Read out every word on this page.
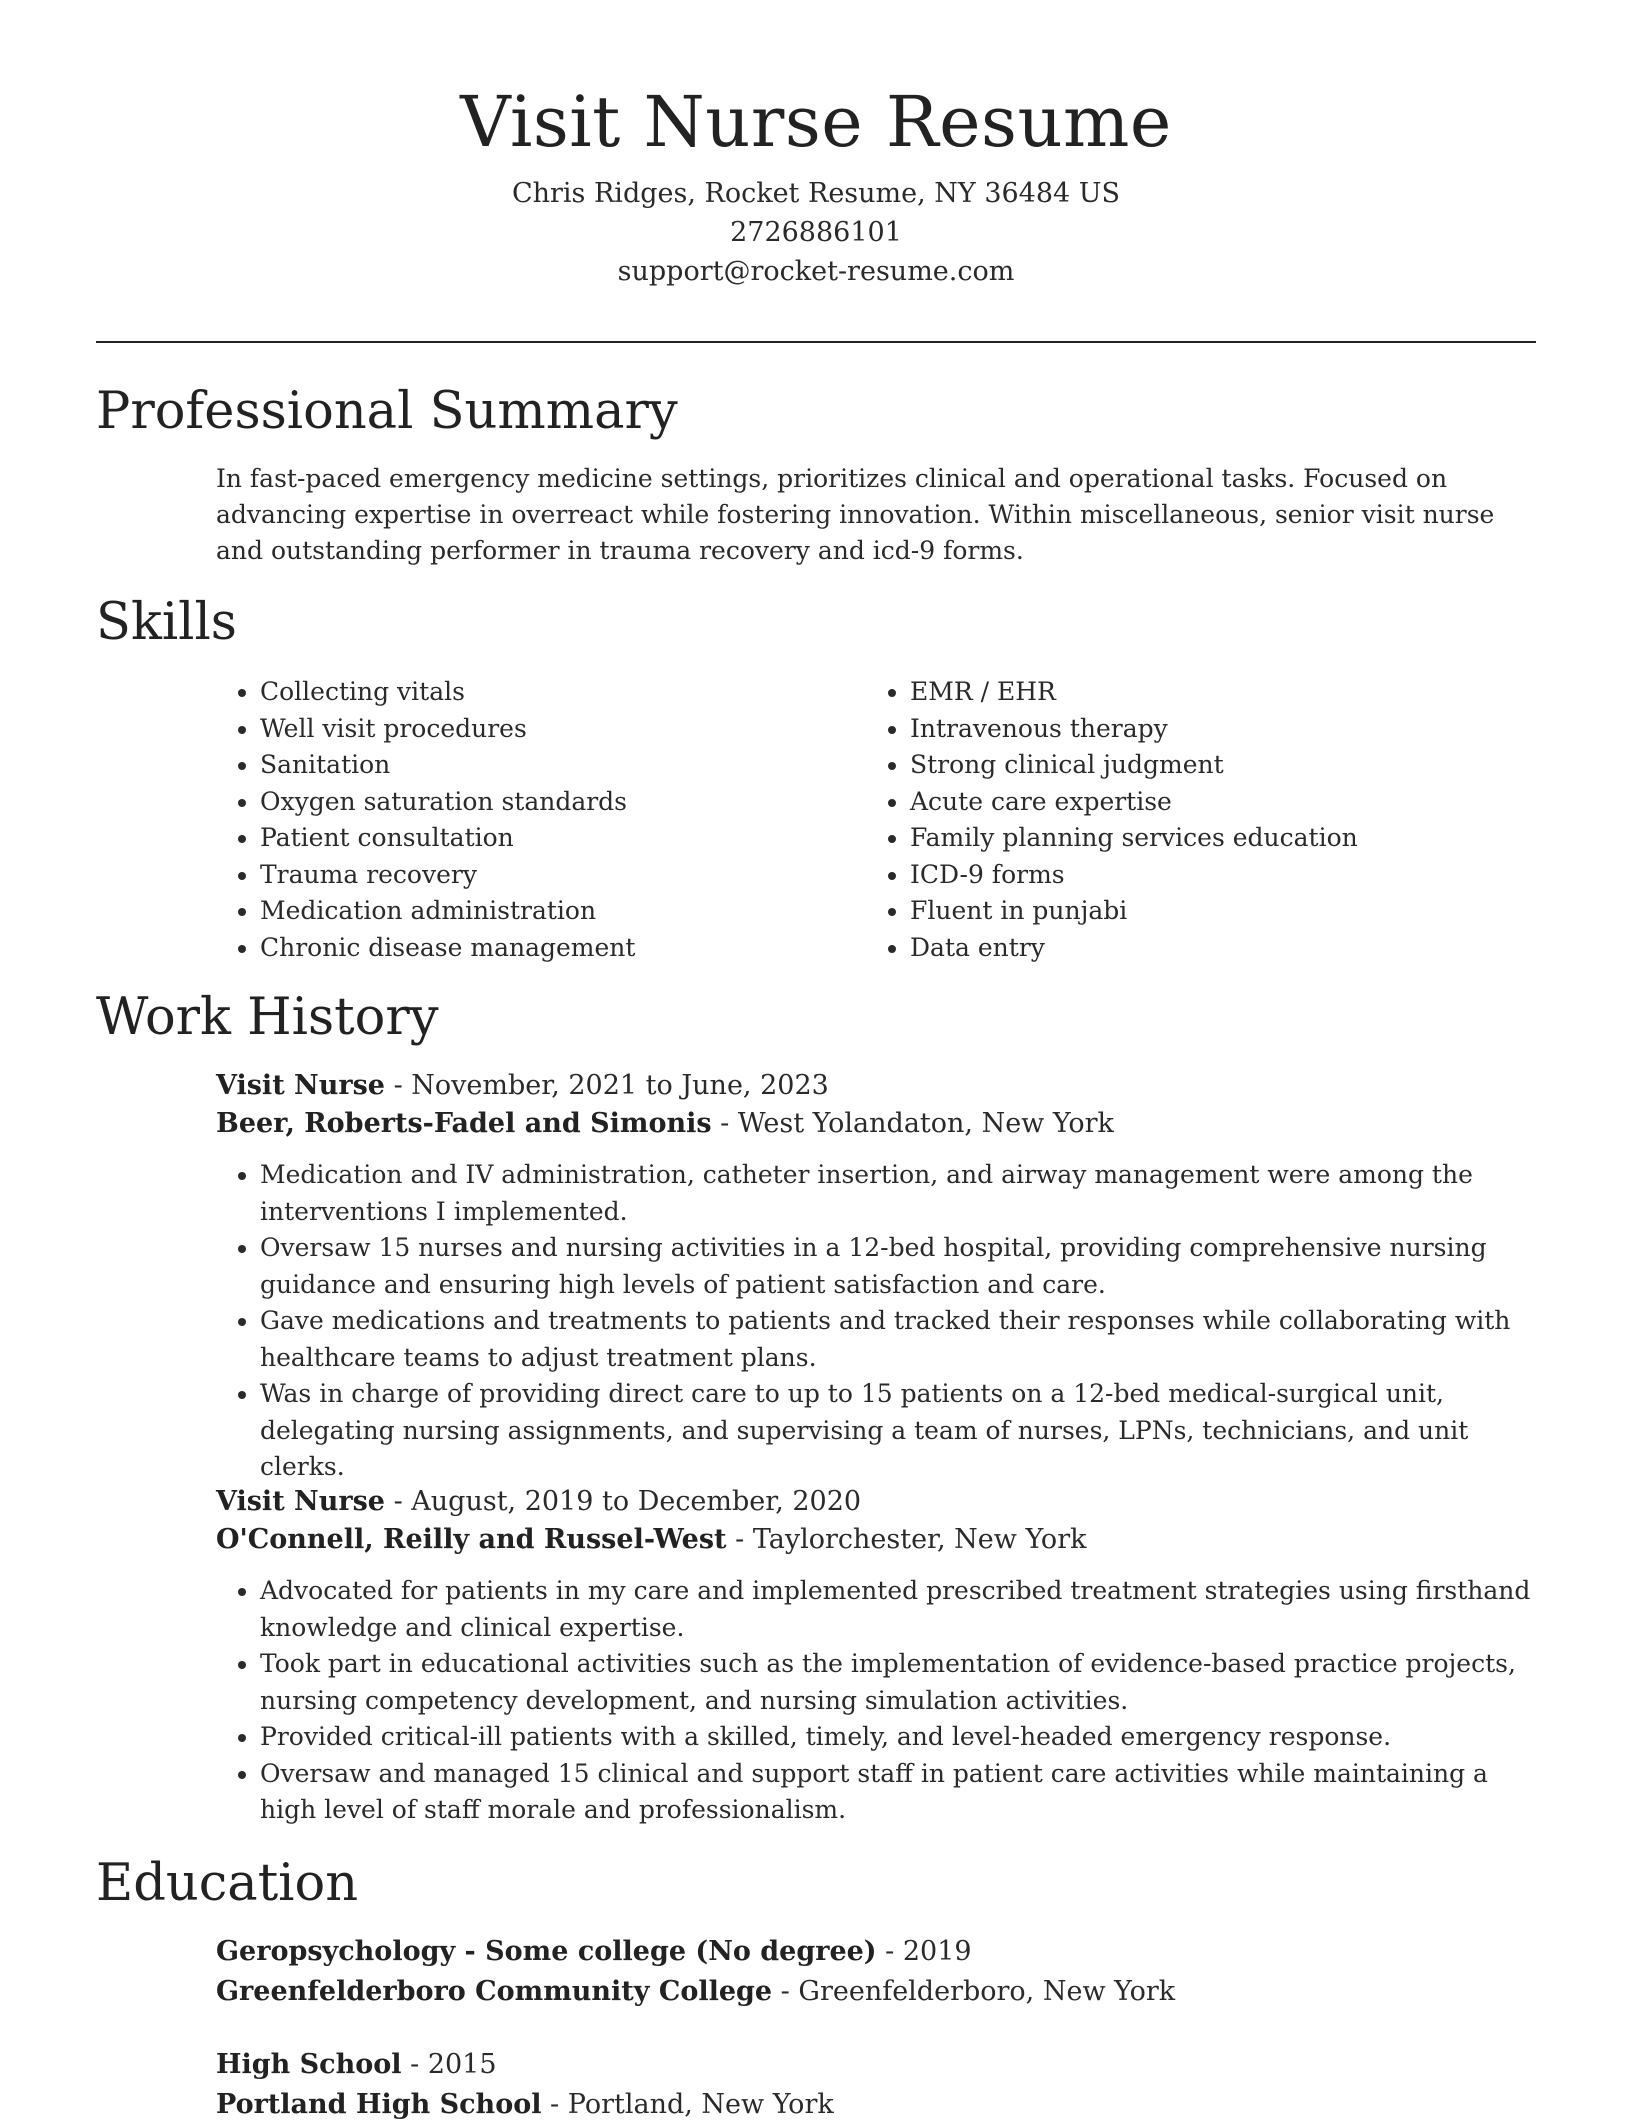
Visit Nurse Resume
Chris Ridges, Rocket Resume, NY 36484 US
2726886101
support@rocket-resume.com
Professional Summary

In fast-paced emergency medicine settings, prioritizes clinical and operational tasks. Focused on advancing expertise in overreact while fostering innovation. Within miscellaneous, senior visit nurse and outstanding performer in trauma recovery and icd-9 forms.

Skills
• Collecting vitals
• Well visit procedures
• Sanitation
• Oxygen saturation standards
• Patient consultation
• Trauma recovery
• Medication administration
• Chronic disease management
• EMR / EHR
• Intravenous therapy
• Strong clinical judgment
• Acute care expertise
• Family planning services education
• ICD-9 forms
• Fluent in punjabi
• Data entry
Work History
Visit Nurse - November, 2021 to June, 2023
Beer, Roberts-Fadel and Simonis - West Yolandaton, New York
• Medication and IV administration, catheter insertion, and airway management were among the interventions I implemented.
• Oversaw 15 nurses and nursing activities in a 12-bed hospital, providing comprehensive nursing guidance and ensuring high levels of patient satisfaction and care.
• Gave medications and treatments to patients and tracked their responses while collaborating with healthcare teams to adjust treatment plans.
• Was in charge of providing direct care to up to 15 patients on a 12-bed medical-surgical unit, delegating nursing assignments, and supervising a team of nurses, LPNs, technicians, and unit clerks.
Visit Nurse - August, 2019 to December, 2020
O'Connell, Reilly and Russel-West - Taylorchester, New York
• Advocated for patients in my care and implemented prescribed treatment strategies using firsthand knowledge and clinical expertise.
• Took part in educational activities such as the implementation of evidence-based practice projects, nursing competency development, and nursing simulation activities.
• Provided critical-ill patients with a skilled, timely, and level-headed emergency response.
• Oversaw and managed 15 clinical and support staff in patient care activities while maintaining a high level of staff morale and professionalism.
Education
Geropsychology - Some college (No degree) - 2019
Greenfelderboro Community College - Greenfelderboro, New York
High School - 2015
Portland High School - Portland, New York
